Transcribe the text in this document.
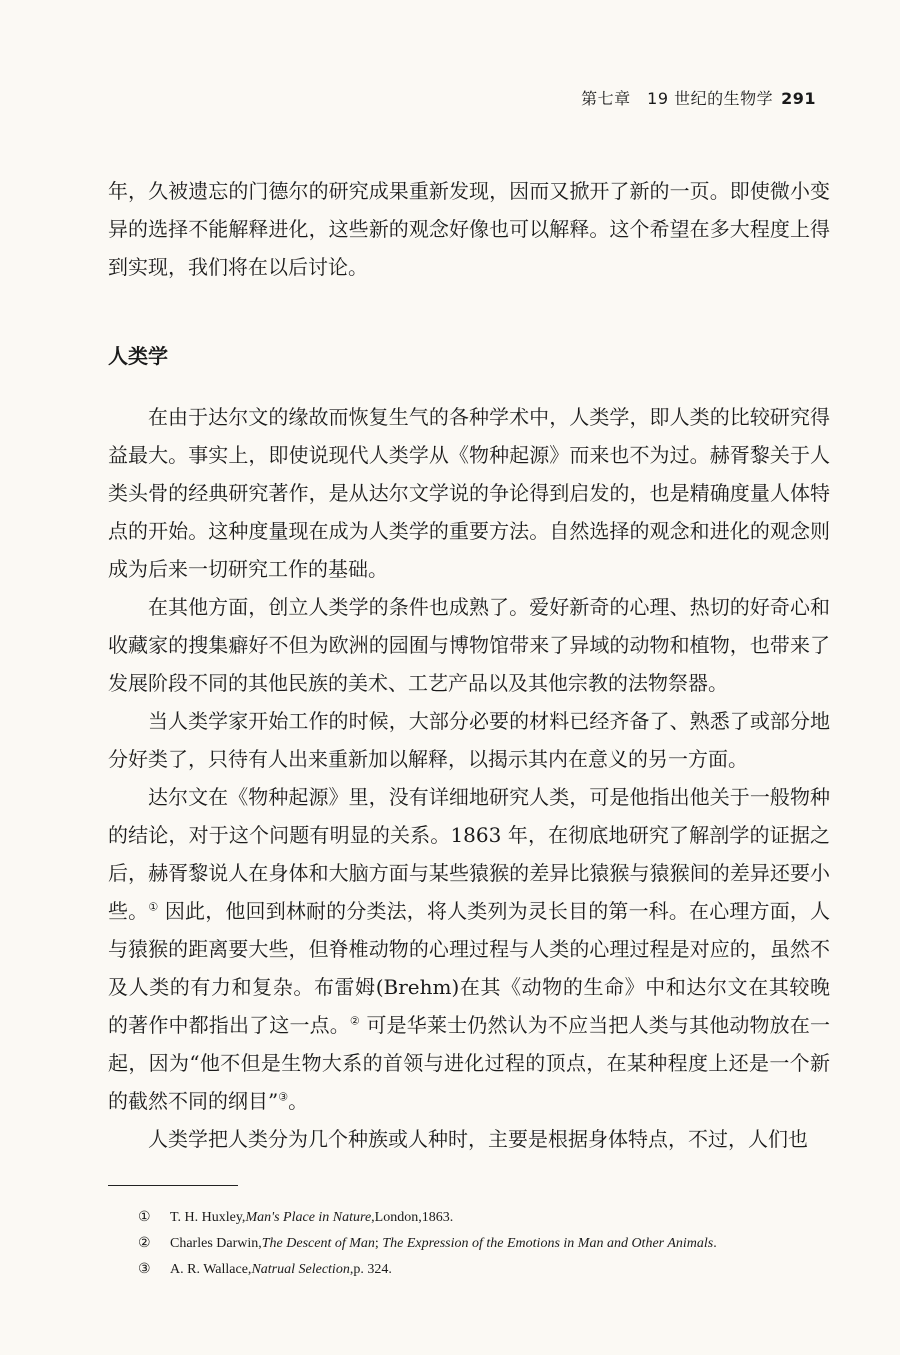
第七章　19 世纪的生物学 291

年，久被遗忘的门德尔的研究成果重新发现，因而又掀开了新的一页。即使微小变异的选择不能解释进化，这些新的观念好像也可以解释。这个希望在多大程度上得到实现，我们将在以后讨论。

人类学

在由于达尔文的缘故而恢复生气的各种学术中，人类学，即人类的比较研究得益最大。事实上，即使说现代人类学从《物种起源》而来也不为过。赫胥黎关于人类头骨的经典研究著作，是从达尔文学说的争论得到启发的，也是精确度量人体特点的开始。这种度量现在成为人类学的重要方法。自然选择的观念和进化的观念则成为后来一切研究工作的基础。

在其他方面，创立人类学的条件也成熟了。爱好新奇的心理、热切的好奇心和收藏家的搜集癖好不但为欧洲的园囿与博物馆带来了异域的动物和植物，也带来了发展阶段不同的其他民族的美术、工艺产品以及其他宗教的法物祭器。

当人类学家开始工作的时候，大部分必要的材料已经齐备了、熟悉了或部分地分好类了，只待有人出来重新加以解释，以揭示其内在意义的另一方面。

达尔文在《物种起源》里，没有详细地研究人类，可是他指出他关于一般物种的结论，对于这个问题有明显的关系。1863 年，在彻底地研究了解剖学的证据之后，赫胥黎说人在身体和大脑方面与某些猿猴的差异比猿猴与猿猴间的差异还要小些。① 因此，他回到林耐的分类法，将人类列为灵长目的第一科。在心理方面，人与猿猴的距离要大些，但脊椎动物的心理过程与人类的心理过程是对应的，虽然不及人类的有力和复杂。布雷姆(Brehm)在其《动物的生命》中和达尔文在其较晚的著作中都指出了这一点。② 可是华莱士仍然认为不应当把人类与其他动物放在一起，因为“他不但是生物大系的首领与进化过程的顶点，在某种程度上还是一个新的截然不同的纲目”③。

人类学把人类分为几个种族或人种时，主要是根据身体特点，不过，人们也

①	T. H. Huxley,Man's Place in Nature,London,1863.
②	Charles Darwin,The Descent of Man; The Expression of the Emotions in Man and Other Animals.
③	A. R. Wallace,Natrual Selection,p. 324.
